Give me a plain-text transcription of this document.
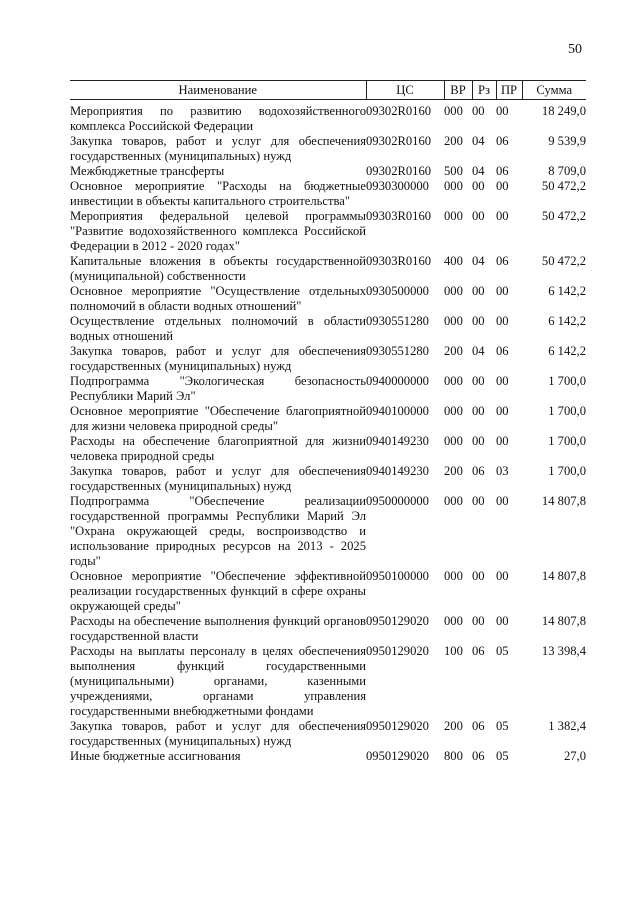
50
Наименование	ЦС	ВР	Рз	ПР	Сумма
Мероприятия по развитию водохозяйственного комплекса Российской Федерации	09302R0160	000	00	00	18 249,0
Закупка товаров, работ и услуг для обеспечения государственных (муниципальных) нужд	09302R0160	200	04	06	9 539,9
Межбюджетные трансферты	09302R0160	500	04	06	8 709,0
Основное мероприятие "Расходы на бюджетные инвестиции в объекты капитального строительства"	0930300000	000	00	00	50 472,2
Мероприятия федеральной целевой программы "Развитие водохозяйственного комплекса Российской Федерации в 2012 - 2020 годах"	09303R0160	000	00	00	50 472,2
Капитальные вложения в объекты государственной (муниципальной) собственности	09303R0160	400	04	06	50 472,2
Основное мероприятие "Осуществление отдельных полномочий в области водных отношений"	0930500000	000	00	00	6 142,2
Осуществление отдельных полномочий в области водных отношений	0930551280	000	00	00	6 142,2
Закупка товаров, работ и услуг для обеспечения государственных (муниципальных) нужд	0930551280	200	04	06	6 142,2
Подпрограмма "Экологическая безопасность Республики Марий Эл"	0940000000	000	00	00	1 700,0
Основное мероприятие "Обеспечение благоприятной для жизни человека природной среды"	0940100000	000	00	00	1 700,0
Расходы на обеспечение благоприятной для жизни человека природной среды	0940149230	000	00	00	1 700,0
Закупка товаров, работ и услуг для обеспечения государственных (муниципальных) нужд	0940149230	200	06	03	1 700,0
Подпрограмма "Обеспечение реализации государственной программы Республики Марий Эл "Охрана окружающей среды, воспроизводство и использование природных ресурсов на 2013 - 2025 годы"	0950000000	000	00	00	14 807,8
Основное мероприятие "Обеспечение эффективной реализации государственных функций в сфере охраны окружающей среды"	0950100000	000	00	00	14 807,8
Расходы на обеспечение выполнения функций органов государственной власти	0950129020	000	00	00	14 807,8
Расходы на выплаты персоналу в целях обеспечения выполнения функций государственными (муниципальными) органами, казенными учреждениями, органами управления государственными внебюджетными фондами	0950129020	100	06	05	13 398,4
Закупка товаров, работ и услуг для обеспечения государственных (муниципальных) нужд	0950129020	200	06	05	1 382,4
Иные бюджетные ассигнования	0950129020	800	06	05	27,0
